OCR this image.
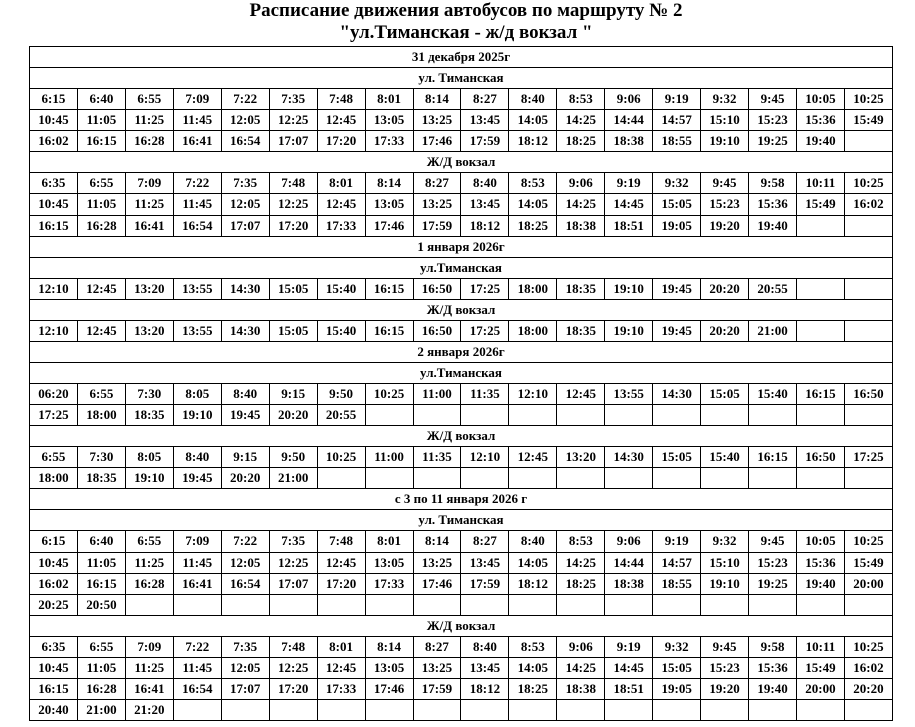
Расписание движения автобусов по маршруту № 2
"ул.Тиманская - ж/д вокзал "
31 декабря 2025г																	
ул. Тиманская																	
6:15	6:40	6:55	7:09	7:22	7:35	7:48	8:01	8:14	8:27	8:40	8:53	9:06	9:19	9:32	9:45	10:05	10:25
10:45	11:05	11:25	11:45	12:05	12:25	12:45	13:05	13:25	13:45	14:05	14:25	14:44	14:57	15:10	15:23	15:36	15:49
16:02	16:15	16:28	16:41	16:54	17:07	17:20	17:33	17:46	17:59	18:12	18:25	18:38	18:55	19:10	19:25	19:40	
Ж/Д вокзал																	
6:35	6:55	7:09	7:22	7:35	7:48	8:01	8:14	8:27	8:40	8:53	9:06	9:19	9:32	9:45	9:58	10:11	10:25
10:45	11:05	11:25	11:45	12:05	12:25	12:45	13:05	13:25	13:45	14:05	14:25	14:45	15:05	15:23	15:36	15:49	16:02
16:15	16:28	16:41	16:54	17:07	17:20	17:33	17:46	17:59	18:12	18:25	18:38	18:51	19:05	19:20	19:40		
1 января 2026г																	
ул.Тиманская																	
12:10	12:45	13:20	13:55	14:30	15:05	15:40	16:15	16:50	17:25	18:00	18:35	19:10	19:45	20:20	20:55		
Ж/Д вокзал																	
12:10	12:45	13:20	13:55	14:30	15:05	15:40	16:15	16:50	17:25	18:00	18:35	19:10	19:45	20:20	21:00		
2 января 2026г																	
ул.Тиманская																	
06:20	6:55	7:30	8:05	8:40	9:15	9:50	10:25	11:00	11:35	12:10	12:45	13:55	14:30	15:05	15:40	16:15	16:50
17:25	18:00	18:35	19:10	19:45	20:20	20:55											
Ж/Д вокзал																	
6:55	7:30	8:05	8:40	9:15	9:50	10:25	11:00	11:35	12:10	12:45	13:20	14:30	15:05	15:40	16:15	16:50	17:25
18:00	18:35	19:10	19:45	20:20	21:00												
с 3 по 11 января 2026 г																	
ул. Тиманская																	
6:15	6:40	6:55	7:09	7:22	7:35	7:48	8:01	8:14	8:27	8:40	8:53	9:06	9:19	9:32	9:45	10:05	10:25
10:45	11:05	11:25	11:45	12:05	12:25	12:45	13:05	13:25	13:45	14:05	14:25	14:44	14:57	15:10	15:23	15:36	15:49
16:02	16:15	16:28	16:41	16:54	17:07	17:20	17:33	17:46	17:59	18:12	18:25	18:38	18:55	19:10	19:25	19:40	20:00
20:25	20:50																
Ж/Д вокзал																	
6:35	6:55	7:09	7:22	7:35	7:48	8:01	8:14	8:27	8:40	8:53	9:06	9:19	9:32	9:45	9:58	10:11	10:25
10:45	11:05	11:25	11:45	12:05	12:25	12:45	13:05	13:25	13:45	14:05	14:25	14:45	15:05	15:23	15:36	15:49	16:02
16:15	16:28	16:41	16:54	17:07	17:20	17:33	17:46	17:59	18:12	18:25	18:38	18:51	19:05	19:20	19:40	20:00	20:20
20:40	21:00	21:20															
